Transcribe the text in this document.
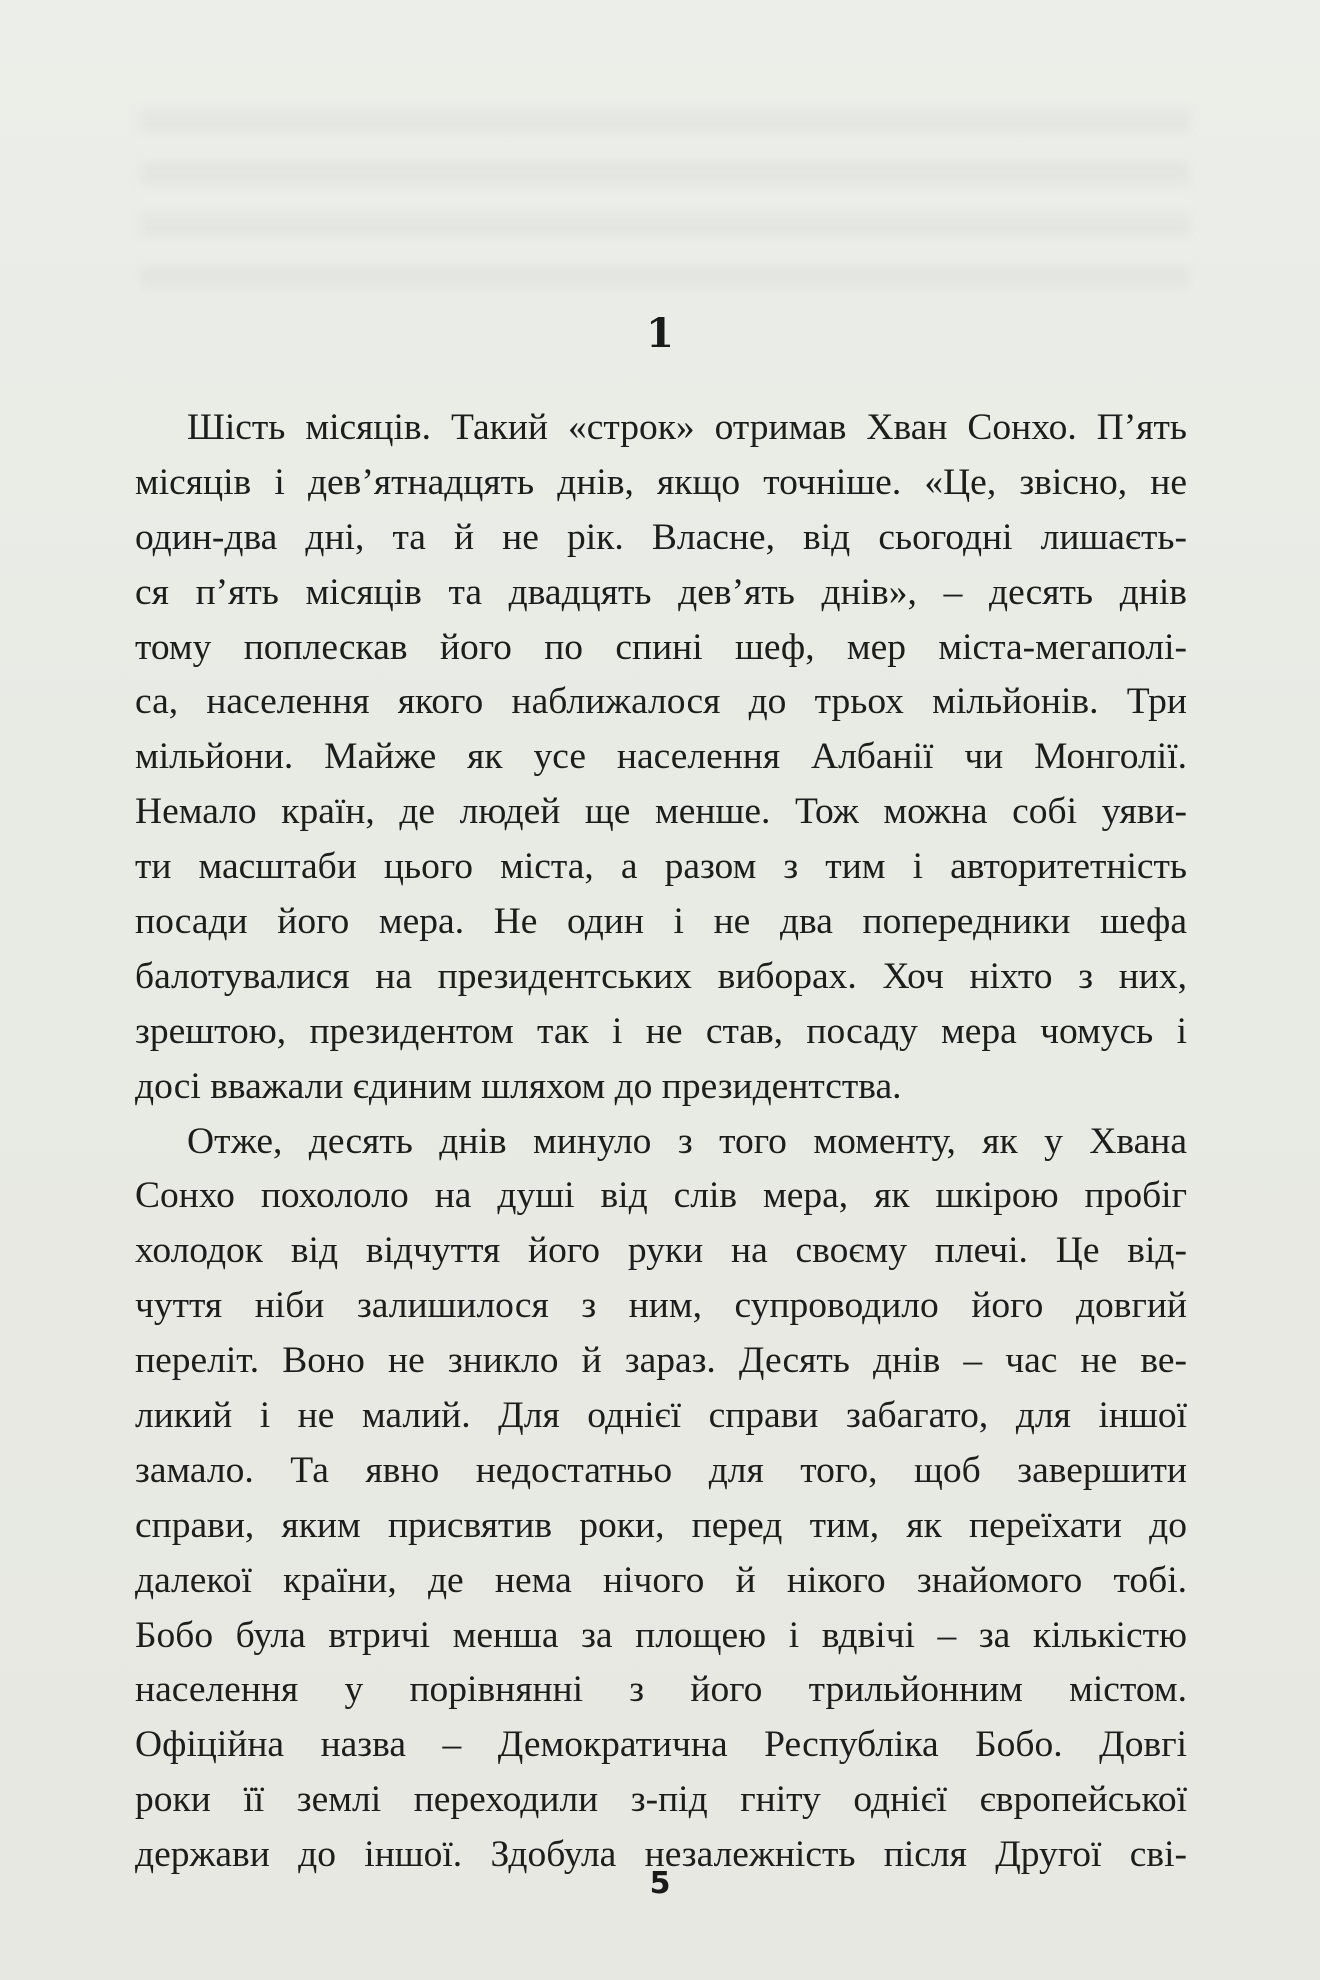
1
Шість місяців. Такий «строк» отримав Хван Сонхо. П’ять
місяців і дев’ятнадцять днів, якщо точніше. «Це, звісно, не
один-два дні, та й не рік. Власне, від сьогодні лишаєть-
ся п’ять місяців та двадцять дев’ять днів», – десять днів
тому поплескав його по спині шеф, мер міста-мегаполі-
са, населення якого наближалося до трьох мільйонів. Три
мільйони. Майже як усе населення Албанії чи Монголії.
Немало країн, де людей ще менше. Тож можна собі уяви-
ти масштаби цього міста, а разом з тим і авторитетність
посади його мера. Не один і не два попередники шефа
балотувалися на президентських виборах. Хоч ніхто з них,
зрештою, президентом так і не став, посаду мера чомусь і
досі вважали єдиним шляхом до президентства.
Отже, десять днів минуло з того моменту, як у Хвана
Сонхо похололо на душі від слів мера, як шкірою пробіг
холодок від відчуття його руки на своєму плечі. Це від-
чуття ніби залишилося з ним, супроводило його довгий
переліт. Воно не зникло й зараз. Десять днів – час не ве-
ликий і не малий. Для однієї справи забагато, для іншої
замало. Та явно недостатньо для того, щоб завершити
справи, яким присвятив роки, перед тим, як переїхати до
далекої країни, де нема нічого й нікого знайомого тобі.
Бобо була втричі менша за площею і вдвічі – за кількістю
населення у порівнянні з його трильйонним містом.
Офіційна назва – Демократична Республіка Бобо. Довгі
роки її землі переходили з-під гніту однієї європейської
держави до іншої. Здобула незалежність після Другої сві-
5
